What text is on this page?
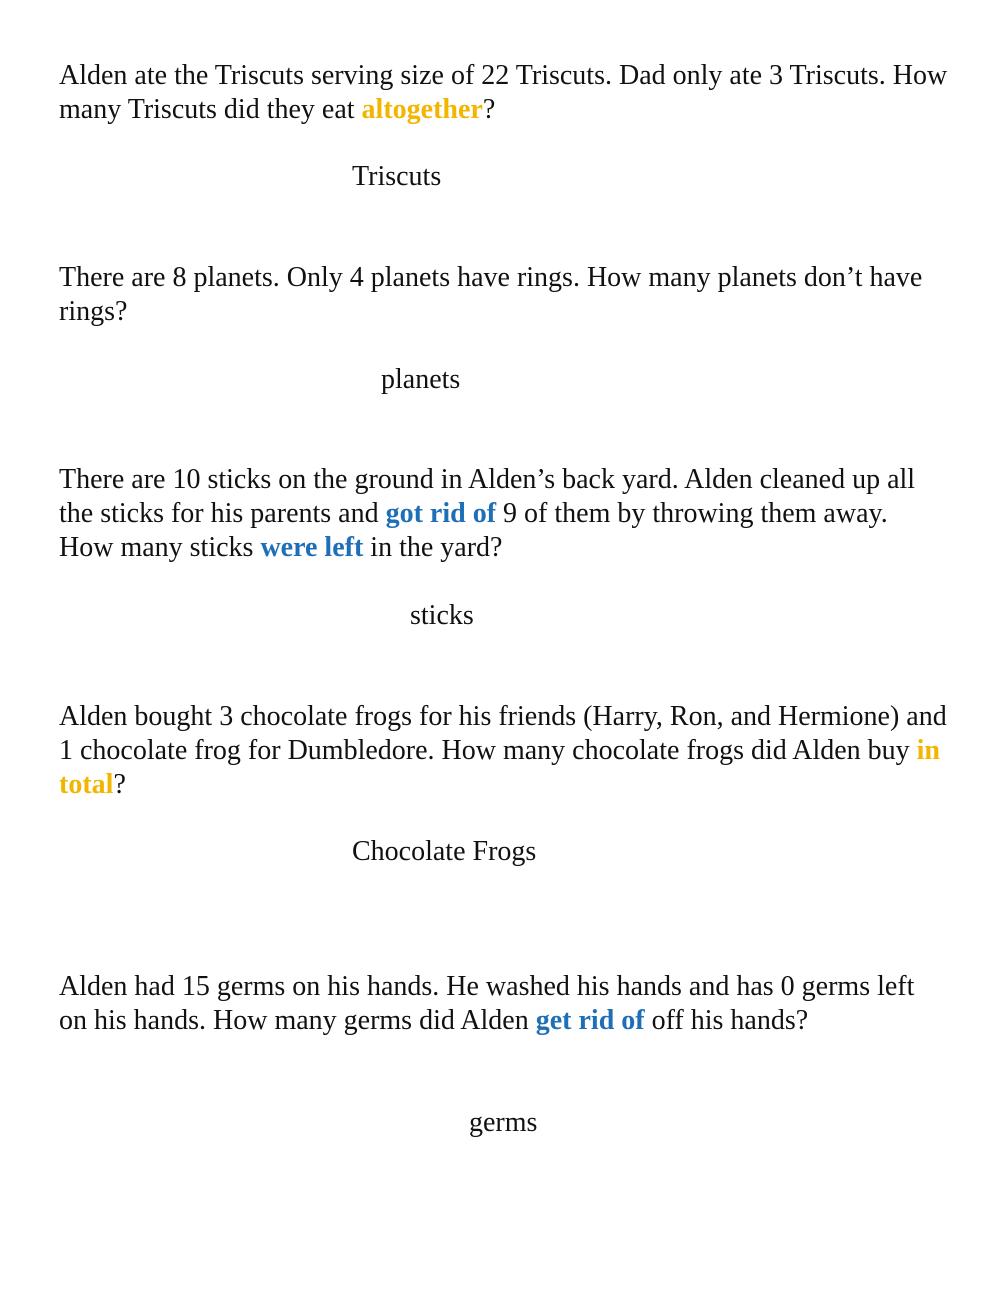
Alden ate the Triscuts serving size of 22 Triscuts. Dad only ate 3 Triscuts. How many Triscuts did they eat altogether?

Triscuts

There are 8 planets. Only 4 planets have rings. How many planets don’t have rings?

planets

There are 10 sticks on the ground in Alden’s back yard. Alden cleaned up all the sticks for his parents and got rid of 9 of them by throwing them away. How many sticks were left in the yard?

sticks

Alden bought 3 chocolate frogs for his friends (Harry, Ron, and Hermione) and 1 chocolate frog for Dumbledore. How many chocolate frogs did Alden buy in total?

Chocolate Frogs

Alden had 15 germs on his hands. He washed his hands and has 0 germs left on his hands. How many germs did Alden get rid of off his hands?

germs
